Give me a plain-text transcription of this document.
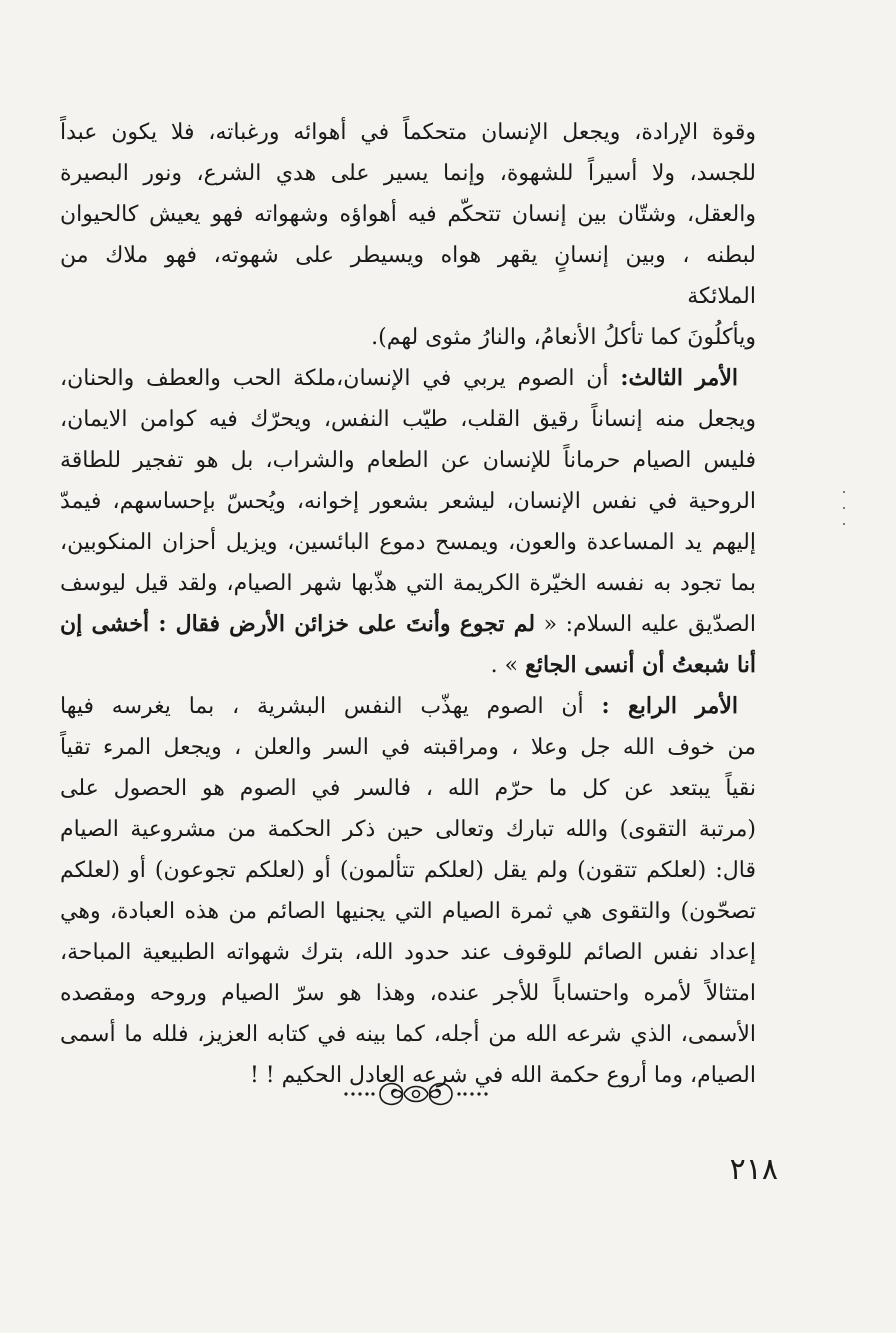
وقوة الإرادة، ويجعل الإنسان متحكماً في أهوائه ورغباته، فلا يكون عبداً
للجسد، ولا أسيراً للشهوة، وإنما يسير على هدي الشرع، ونور البصيرة
والعقل، وشتّان بين إنسان تتحكّم فيه أهواؤه وشهواته فهو يعيش كالحيوان
لبطنه ، وبين إنسانٍ يقهر هواه ويسيطر على شهوته، فهو ملاك من
الملائكة
ويأكلُونَ كما تأكلُ الأنعامُ، والنارُ مثوى لهم).
الأمر الثالث: أن الصوم يربي في الإنسان،ملكة الحب والعطف والحنان،
ويجعل منه إنساناً رقيق القلب، طيّب النفس، ويحرّك فيه كوامن الايمان،
فليس الصيام حرماناً للإنسان عن الطعام والشراب، بل هو تفجير للطاقة
الروحية في نفس الإنسان، ليشعر بشعور إخوانه، ويُحسّ بإحساسهم، فيمدّ
إليهم يد المساعدة والعون، ويمسح دموع البائسين، ويزيل أحزان المنكوبين،
بما تجود به نفسه الخيّرة الكريمة التي هذّبها شهر الصيام، ولقد قيل ليوسف
الصدّيق عليه السلام: « لم تجوع وأنتَ على خزائن الأرض فقال : أخشى إن
أنا شبعتُ أن أنسى الجائع » .
الأمر الرابع : أن الصوم يهذّب النفس البشرية ، بما يغرسه فيها
من خوف الله جل وعلا ، ومراقبته في السر والعلن ، ويجعل المرء تقياً
نقياً يبتعد عن كل ما حرّم الله ، فالسر في الصوم هو الحصول على
(مرتبة التقوى) والله تبارك وتعالى حين ذكر الحكمة من مشروعية الصيام
قال: (لعلكم تتقون) ولم يقل (لعلكم تتألمون) أو (لعلكم تجوعون) أو (لعلكم
تصحّون) والتقوى هي ثمرة الصيام التي يجنيها الصائم من هذه العبادة، وهي
إعداد نفس الصائم للوقوف عند حدود الله، بترك شهواته الطبيعية المباحة،
امتثالاً لأمره واحتساباً للأجر عنده، وهذا هو سرّ الصيام وروحه ومقصده
الأسمى، الذي شرعه الله من أجله، كما بينه في كتابه العزيز، فلله ما أسمى
الصيام، وما أروع حكمة الله في شرعه العادل الحكيم ! !
٢١٨
